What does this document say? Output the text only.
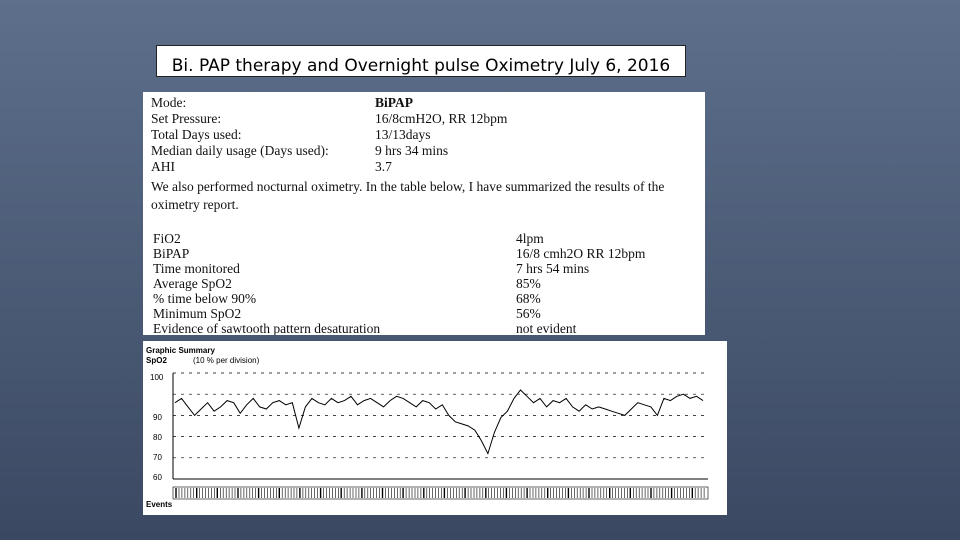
Bi. PAP therapy and Overnight pulse Oximetry July 6, 2016
Mode:	BiPAP
Set Pressure:	16/8cmH2O, RR 12bpm
Total Days used:	13/13days
Median daily usage (Days used):	9 hrs 34 mins
AHI	3.7
We also performed nocturnal oximetry. In the table below, I have summarized the results of the oximetry report.
FiO2	4lpm
BiPAP	16/8 cmh2O RR 12bpm
Time monitored	7 hrs 54 mins
Average SpO2	85%
% time below 90%	68%
Minimum SpO2	56%
Evidence of sawtooth pattern desaturation	not evident
Graphic Summary
SpO2	(10 % per division)
100
90
80
70
60
Events
